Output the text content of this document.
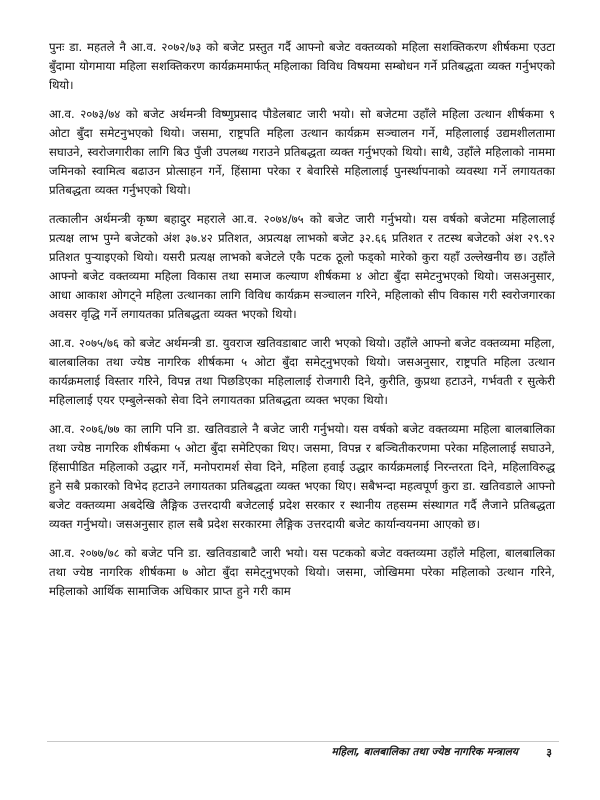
पुनः डा. महतले नै आ.व. २०७२/७३ को बजेट प्रस्तुत गर्दै आफ्नो बजेट वक्तव्यको महिला सशक्तिकरण शीर्षकमा एउटा बुँदामा योगमाया महिला सशक्तिकरण कार्यक्रममार्फत् महिलाका विविध विषयमा सम्बोधन गर्ने प्रतिबद्धता व्यक्त गर्नुभएको थियो।

आ.व. २०७३/७४ को बजेट अर्थमन्त्री विष्णुप्रसाद पौडेलबाट जारी भयो। सो बजेटमा उहाँले महिला उत्थान शीर्षकमा ९ ओटा बुँदा समेटनुभएको थियो। जसमा, राष्ट्रपति महिला उत्थान कार्यक्रम सञ्चालन गर्ने, महिलालाई उद्यमशीलतामा सघाउने, स्वरोजगारीका लागि बिउ पुँजी उपलब्ध गराउने प्रतिबद्धता व्यक्त गर्नुभएको थियो। साथै, उहाँले महिलाको नाममा जमिनको स्वामित्व बढाउन प्रोत्साहन गर्ने, हिंसामा परेका र बेवारिसे महिलालाई पुनर्स्थापनाको व्यवस्था गर्ने लगायतका प्रतिबद्धता व्यक्त गर्नुभएको थियो।

तत्कालीन अर्थमन्त्री कृष्ण बहादुर महराले आ.व. २०७४/७५ को बजेट जारी गर्नुभयो। यस वर्षको बजेटमा महिलालाई प्रत्यक्ष लाभ पुग्ने बजेटको अंश ३७.४२ प्रतिशत, अप्रत्यक्ष लाभको बजेट ३२.६६ प्रतिशत र तटस्थ बजेटको अंश २९.९२ प्रतिशत पुऱ्याइएको थियो। यसरी प्रत्यक्ष लाभको बजेटले एकै पटक ठूलो फड्को मारेको कुरा यहाँ उल्लेखनीय छ। उहाँले आफ्नो बजेट वक्तव्यमा महिला विकास तथा समाज कल्याण शीर्षकमा ४ ओटा बुँदा समेटनुभएको थियो। जसअनुसार, आधा आकाश ओगट्ने महिला उत्थानका लागि विविध कार्यक्रम सञ्चालन गरिने, महिलाको सीप विकास गरी स्वरोजगारका अवसर वृद्धि गर्ने लगायतका प्रतिबद्धता व्यक्त भएको थियो।

आ.व. २०७५/७६ को बजेट अर्थमन्त्री डा. युवराज खतिवडाबाट जारी भएको थियो। उहाँले आफ्नो बजेट वक्तव्यमा महिला, बालबालिका तथा ज्येष्ठ नागरिक शीर्षकमा ५ ओटा बुँदा समेट्नुभएको थियो। जसअनुसार, राष्ट्रपति महिला उत्थान कार्यक्रमलाई विस्तार गरिने, विपन्न तथा पिछडिएका महिलालाई रोजगारी दिने, कुरीति, कुप्रथा हटाउने, गर्भवती र सुत्केरी महिलालाई एयर एम्बुलेन्सको सेवा दिने लगायतका प्रतिबद्धता व्यक्त भएका थियो।

आ.व. २०७६/७७ का लागि पनि डा. खतिवडाले नै बजेट जारी गर्नुभयो। यस वर्षको बजेट वक्तव्यमा महिला बालबालिका तथा ज्येष्ठ नागरिक शीर्षकमा ५ ओटा बुँदा समेटिएका थिए। जसमा, विपन्न र बञ्चितीकरणमा परेका महिलालाई सघाउने, हिंसापीडित महिलाको उद्धार गर्ने, मनोपरामर्श सेवा दिने, महिला हवाई उद्धार कार्यक्रमलाई निरन्तरता दिने, महिलाविरुद्ध हुने सबै प्रकारको विभेद हटाउने लगायतका प्रतिबद्धता व्यक्त भएका थिए। सबैभन्दा महत्वपूर्ण कुरा डा. खतिवडाले आफ्नो बजेट वक्तव्यमा अबदेखि लैङ्गिक उत्तरदायी बजेटलाई प्रदेश सरकार र स्थानीय तहसम्म संस्थागत गर्दै लैजाने प्रतिबद्धता व्यक्त गर्नुभयो। जसअनुसार हाल सबै प्रदेश सरकारमा लैङ्गिक उत्तरदायी बजेट कार्यान्वयनमा आएको छ।

आ.व. २०७७/७८ को बजेट पनि डा. खतिवडाबाटै जारी भयो। यस पटकको बजेट वक्तव्यमा उहाँले महिला, बालबालिका तथा ज्येष्ठ नागरिक शीर्षकमा ७ ओटा बुँदा समेट्नुभएको थियो। जसमा, जोखिममा परेका महिलाको उत्थान गरिने, महिलाको आर्थिक सामाजिक अधिकार प्राप्त हुने गरी काम

महिला, बालबालिका तथा ज्येष्ठ नागरिक मन्त्रालय	३
